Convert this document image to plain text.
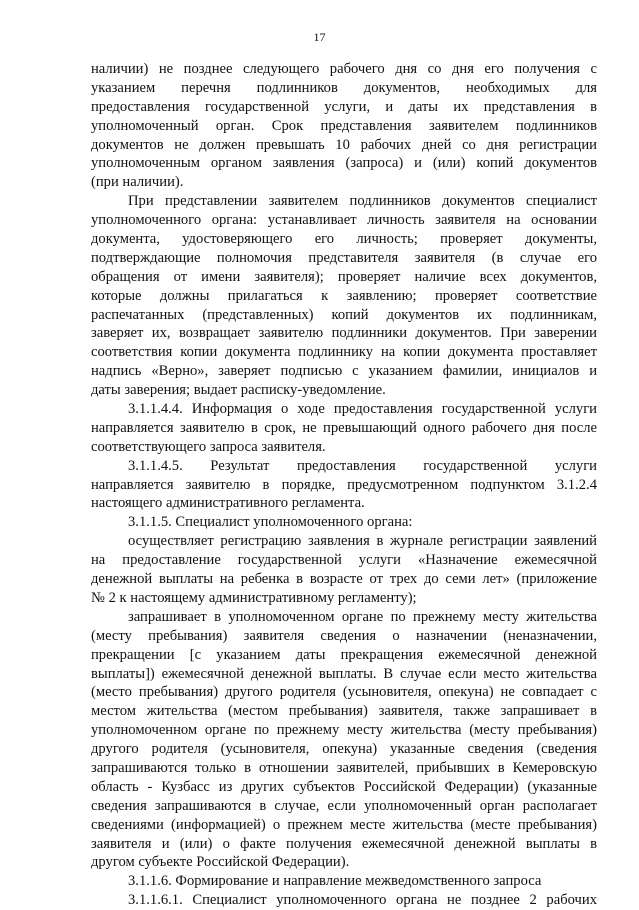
17
наличии) не позднее следующего рабочего дня со дня его получения с
указанием перечня подлинников документов, необходимых для
предоставления государственной услуги, и даты их представления в
уполномоченный орган. Срок представления заявителем подлинников
документов не должен превышать 10 рабочих дней со дня регистрации
уполномоченным органом заявления (запроса) и (или) копий документов
(при наличии).
При представлении заявителем подлинников документов специалист
уполномоченного органа: устанавливает личность заявителя на основании
документа, удостоверяющего его личность; проверяет документы,
подтверждающие полномочия представителя заявителя (в случае его
обращения от имени заявителя); проверяет наличие всех документов,
которые должны прилагаться к заявлению; проверяет соответствие
распечатанных (представленных) копий документов их подлинникам,
заверяет их, возвращает заявителю подлинники документов. При заверении
соответствия копии документа подлиннику на копии документа проставляет
надпись «Верно», заверяет подписью с указанием фамилии, инициалов и
даты заверения; выдает расписку-уведомление.
3.1.1.4.4. Информация о ходе предоставления государственной услуги
направляется заявителю в срок, не превышающий одного рабочего дня после
соответствующего запроса заявителя.
3.1.1.4.5. Результат предоставления государственной услуги
направляется заявителю в порядке, предусмотренном подпунктом 3.1.2.4
настоящего административного регламента.
3.1.1.5. Специалист уполномоченного органа:
осуществляет регистрацию заявления в журнале регистрации заявлений
на предоставление государственной услуги «Назначение ежемесячной
денежной выплаты на ребенка в возрасте от трех до семи лет» (приложение
№ 2 к настоящему административному регламенту);
запрашивает в уполномоченном органе по прежнему месту жительства
(месту пребывания) заявителя сведения о назначении (неназначении,
прекращении [с указанием даты прекращения ежемесячной денежной
выплаты]) ежемесячной денежной выплаты. В случае если место жительства
(место пребывания) другого родителя (усыновителя, опекуна) не совпадает с
местом жительства (местом пребывания) заявителя, также запрашивает в
уполномоченном органе по прежнему месту жительства (месту пребывания)
другого родителя (усыновителя, опекуна) указанные сведения (сведения
запрашиваются только в отношении заявителей, прибывших в Кемеровскую
область - Кузбасс из других субъектов Российской Федерации) (указанные
сведения запрашиваются в случае, если уполномоченный орган располагает
сведениями (информацией) о прежнем месте жительства (месте пребывания)
заявителя и (или) о факте получения ежемесячной денежной выплаты в
другом субъекте Российской Федерации).
3.1.1.6. Формирование и направление межведомственного запроса
3.1.1.6.1. Специалист уполномоченного органа не позднее 2 рабочих
